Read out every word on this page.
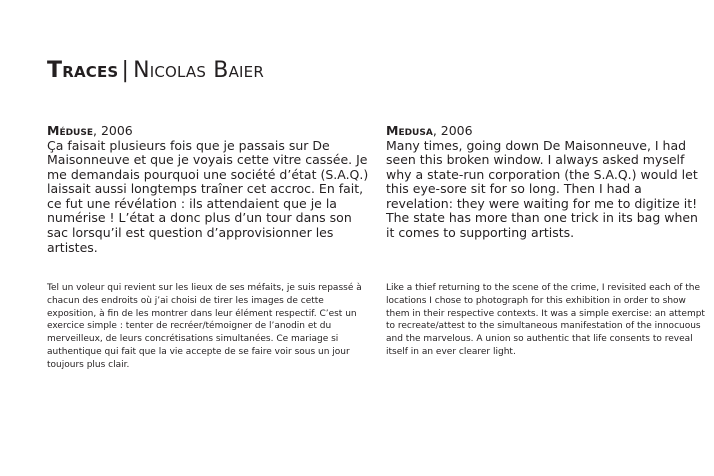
Traces | Nicolas Baier
Méduse, 2006

Ça faisait plusieurs fois que je passais sur De Maisonneuve et que je voyais cette vitre cassée. Je me demandais pourquoi une société d’état (S.A.Q.) laissait aussi longtemps traîner cet accroc. En fait, ce fut une révélation : ils attendaient que je la numérise ! L’état a donc plus d’un tour dans son sac lorsqu’il est question d’approvisionner les artistes.

Medusa, 2006

Many times, going down De Maisonneuve, I had seen this broken window. I always asked myself why a state-run corporation (the S.A.Q.) would let this eye-sore sit for so long. Then I had a revelation: they were waiting for me to digitize it! The state has more than one trick in its bag when it comes to supporting artists.

Tel un voleur qui revient sur les lieux de ses méfaits, je suis repassé à chacun des endroits où j’ai choisi de tirer les images de cette exposition, à fin de les montrer dans leur élément respectif. C’est un exercice simple : tenter de recréer/témoigner de l’anodin et du merveilleux, de leurs concrétisations simultanées. Ce mariage si authentique qui fait que la vie accepte de se faire voir sous un jour toujours plus clair.

Like a thief returning to the scene of the crime, I revisited each of the locations I chose to photograph for this exhibition in order to show them in their respective contexts. It was a simple exercise: an attempt to recreate/attest to the simultaneous manifestation of the innocuous and the marvelous. A union so authentic that life consents to reveal itself in an ever clearer light.
